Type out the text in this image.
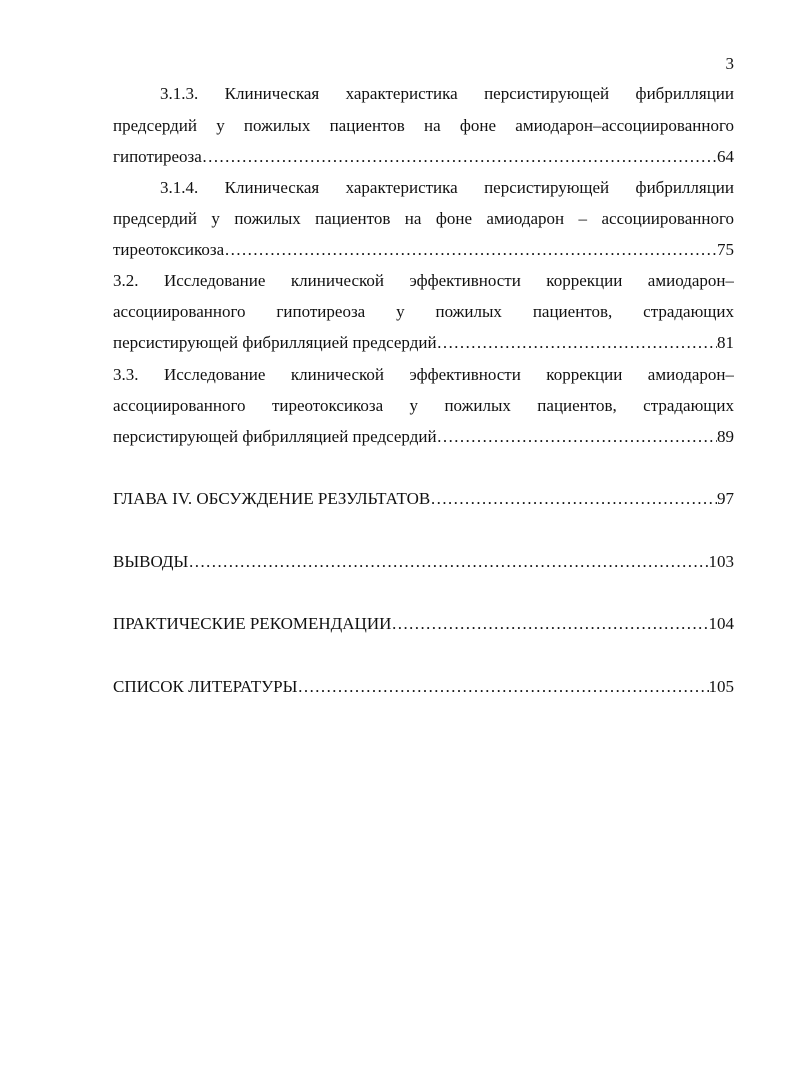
3
3.1.3. Клиническая характеристика персистирующей фибрилляции
предсердий у пожилых пациентов на фоне амиодарон–ассоциированного
гипотиреоза …………………………………………………………………………………………………………………………………………………………………………………………………………	64
3.1.4. Клиническая характеристика персистирующей фибрилляции
предсердий у пожилых пациентов на фоне амиодарон – ассоциированного
тиреотоксикоза …………………………………………………………………………………………………………………………………………………………………………………………………………	75
3.2. Исследование клинической эффективности коррекции амиодарон–
ассоциированного гипотиреоза у пожилых пациентов, страдающих
персистирующей фибрилляцией предсердий …………………………………………………………………………………………………………………………………………………………………………………………………………	81
3.3. Исследование клинической эффективности коррекции амиодарон–
ассоциированного тиреотоксикоза у пожилых пациентов, страдающих
персистирующей фибрилляцией предсердий …………………………………………………………………………………………………………………………………………………………………………………………………………	89
ГЛАВА IV. ОБСУЖДЕНИЕ РЕЗУЛЬТАТОВ …………………………………………………………………………………………………………………………………………………………………………………………………………	97
ВЫВОДЫ …………………………………………………………………………………………………………………………………………………………………………………………………………	103
ПРАКТИЧЕСКИЕ РЕКОМЕНДАЦИИ …………………………………………………………………………………………………………………………………………………………………………………………………………	104
СПИСОК ЛИТЕРАТУРЫ …………………………………………………………………………………………………………………………………………………………………………………………………………	105
